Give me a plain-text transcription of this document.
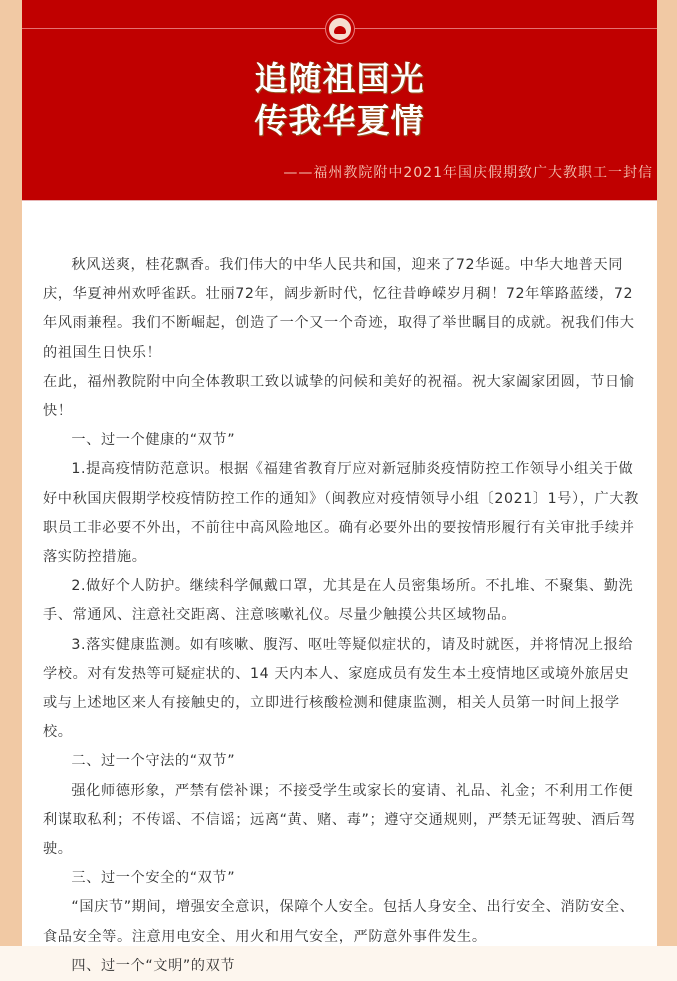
追随祖国光
传我华夏情
——福州教院附中2021年国庆假期致广大教职工一封信

秋风送爽，桂花飘香。我们伟大的中华人民共和国，迎来了72华诞。中华大地普天同庆，华夏神州欢呼雀跃。壮丽72年，阔步新时代，忆往昔峥嵘岁月稠！72年筚路蓝缕，72年风雨兼程。我们不断崛起，创造了一个又一个奇迹，取得了举世瞩目的成就。祝我们伟大的祖国生日快乐！

在此，福州教院附中向全体教职工致以诚挚的问候和美好的祝福。祝大家阖家团圆，节日愉快！

一、过一个健康的“双节”

1.提高疫情防范意识。根据《福建省教育厅应对新冠肺炎疫情防控工作领导小组关于做好中秋国庆假期学校疫情防控工作的通知》（闽教应对疫情领导小组〔2021〕1号），广大教职员工非必要不外出，不前往中高风险地区。确有必要外出的要按情形履行有关审批手续并落实防控措施。

2.做好个人防护。继续科学佩戴口罩，尤其是在人员密集场所。不扎堆、不聚集、勤洗手、常通风、注意社交距离、注意咳嗽礼仪。尽量少触摸公共区域物品。

3.落实健康监测。如有咳嗽、腹泻、呕吐等疑似症状的，请及时就医，并将情况上报给学校。对有发热等可疑症状的、14 天内本人、家庭成员有发生本土疫情地区或境外旅居史或与上述地区来人有接触史的，立即进行核酸检测和健康监测，相关人员第一时间上报学校。

二、过一个守法的“双节”

强化师德形象，严禁有偿补课；不接受学生或家长的宴请、礼品、礼金；不利用工作便利谋取私利；不传谣、不信谣；远离“黄、赌、毒”；遵守交通规则，严禁无证驾驶、酒后驾驶。

三、过一个安全的“双节”

“国庆节”期间，增强安全意识，保障个人安全。包括人身安全、出行安全、消防安全、食品安全等。注意用电安全、用火和用气安全，严防意外事件发生。

四、过一个“文明”的双节
